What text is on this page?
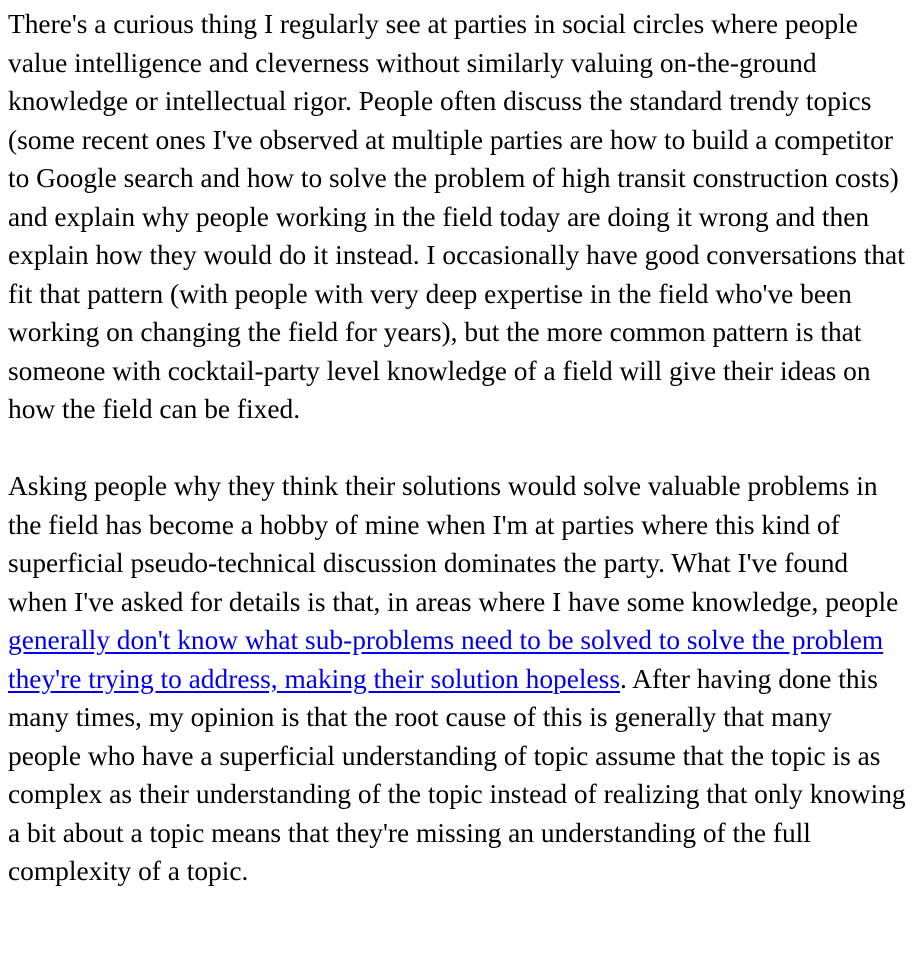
There's a curious thing I regularly see at parties in social circles where people value intelligence and cleverness without similarly valuing on-the-ground knowledge or intellectual rigor. People often discuss the standard trendy topics (some recent ones I've observed at multiple parties are how to build a competitor to Google search and how to solve the problem of high transit construction costs) and explain why people working in the field today are doing it wrong and then explain how they would do it instead. I occasionally have good conversations that fit that pattern (with people with very deep expertise in the field who've been working on changing the field for years), but the more common pattern is that someone with cocktail-party level knowledge of a field will give their ideas on how the field can be fixed.

Asking people why they think their solutions would solve valuable problems in the field has become a hobby of mine when I'm at parties where this kind of superficial pseudo-technical discussion dominates the party. What I've found when I've asked for details is that, in areas where I have some knowledge, people generally don't know what sub-problems need to be solved to solve the problem they're trying to address, making their solution hopeless. After having done this many times, my opinion is that the root cause of this is generally that many people who have a superficial understanding of topic assume that the topic is as complex as their understanding of the topic instead of realizing that only knowing a bit about a topic means that they're missing an understanding of the full complexity of a topic.
